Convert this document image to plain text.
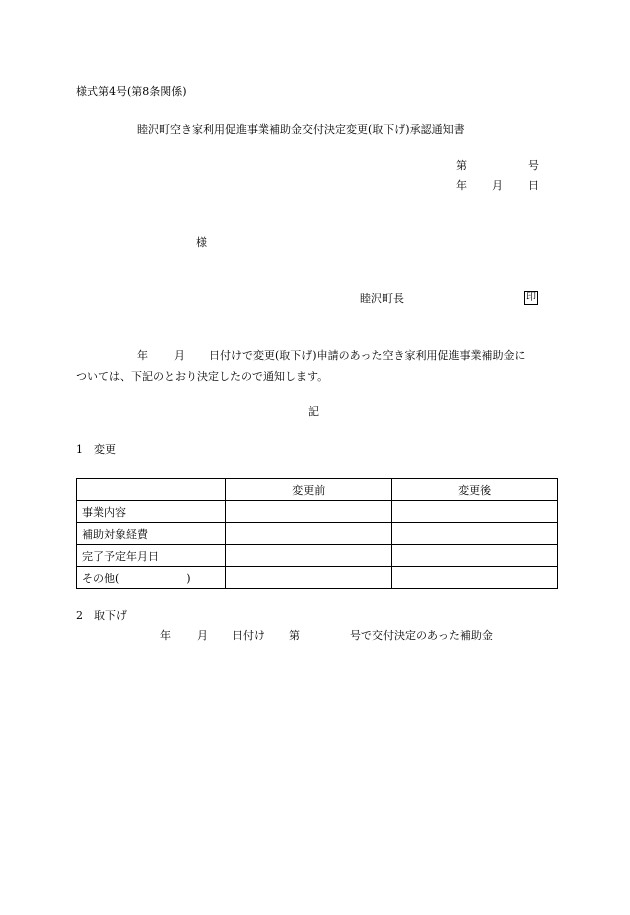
様式第4号(第8条関係)
睦沢町空き家利用促進事業補助金交付決定変更(取下げ)承認通知書
第	号
年 月 日
様
睦沢町長	印
年 月 日付けで変更(取下げ)申請のあった空き家利用促進事業補助金に
ついては、下記のとおり決定したので通知します。
記
1　変更
	変更前	変更後
事業内容		
補助対象経費		
完了予定年月日		
その他( )		
2　取下げ
年 月 日付け 第	号で交付決定のあった補助金
